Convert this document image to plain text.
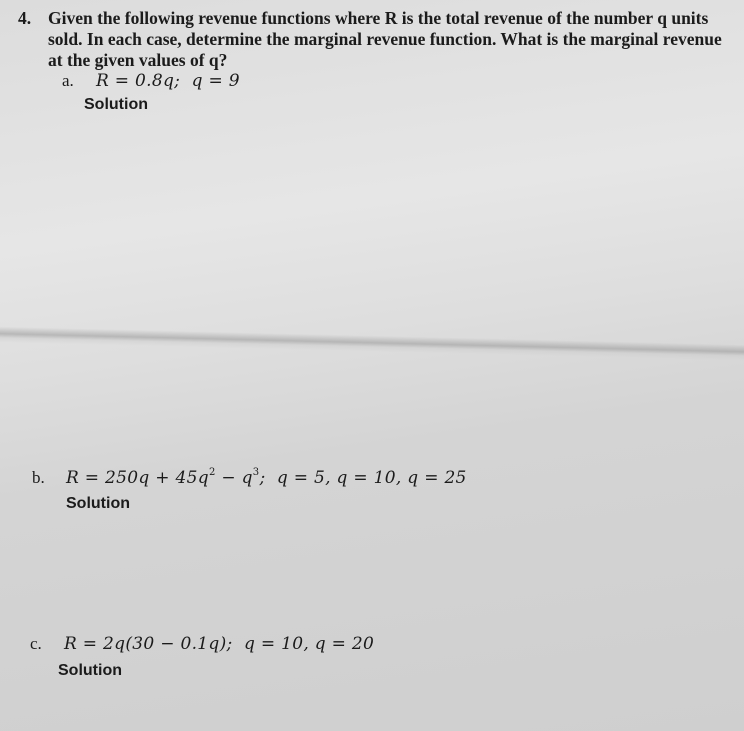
4. Given the following revenue functions where R is the total revenue of the number q units sold. In each case, determine the marginal revenue function. What is the marginal revenue at the given values of q?
a.	R = 0.8q;  q = 9
Solution
b.	$R = 250q + 45q^2 - q^3$;  q = 5, q = 10, q = 25
Solution
c.	R = 2q(30 − 0.1q);  q = 10, q = 20
Solution
